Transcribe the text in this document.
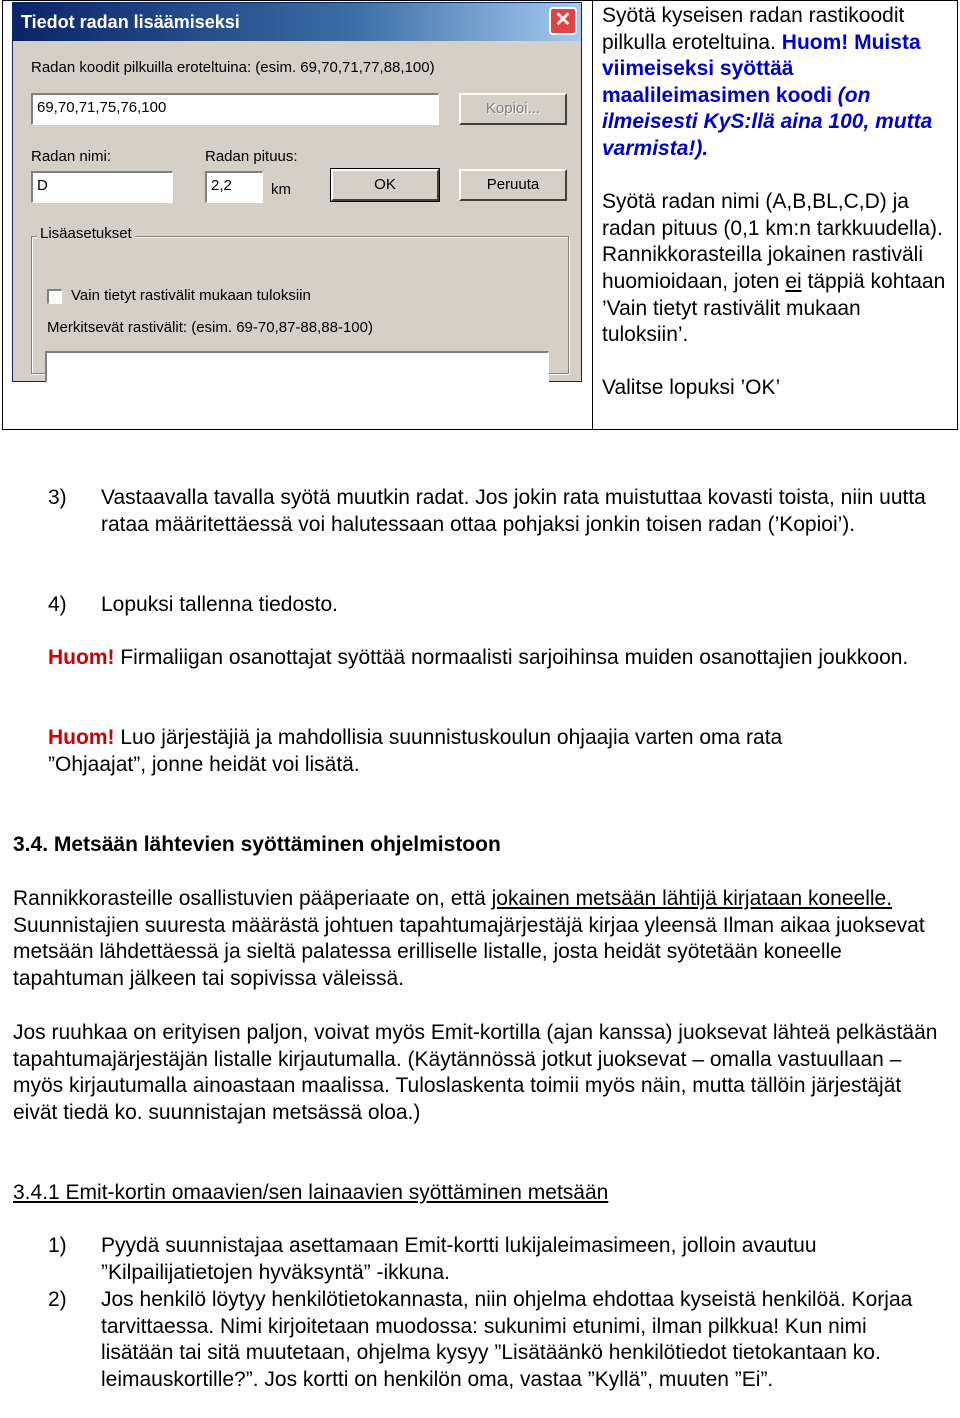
Tiedot radan lisäämiseksi	✕
Radan koodit pilkuilla eroteltuina: (esim. 69,70,71,77,88,100)
69,70,71,75,76,100	Kopioi...
Radan nimi:
D
Radan pituus:
2,2	km	OK	Peruuta
Lisäasetukset
Vain tietyt rastivälit mukaan tuloksiin
Merkitsevät rastivälit: (esim. 69-70,87-88,88-100)

Syötä kyseisen radan rastikoodit pilkulla eroteltuina. Huom! Muista viimeiseksi syöttää maalileimasimen koodi (on ilmeisesti KyS:llä aina 100, mutta varmista!).

Syötä radan nimi (A,B,BL,C,D) ja radan pituus (0,1 km:n tarkkuudella). Rannikkorasteilla jokainen rastiväli huomioidaan, joten ei täppiä kohtaan ’Vain tietyt rastivälit mukaan tuloksiin’.

Valitse lopuksi ’OK’

3) Vastaavalla tavalla syötä muutkin radat. Jos jokin rata muistuttaa kovasti toista, niin uutta rataa määritettäessä voi halutessaan ottaa pohjaksi jonkin toisen radan (’Kopioi’).
4) Lopuksi tallenna tiedosto.
Huom! Firmaliigan osanottajat syöttää normaalisti sarjoihinsa muiden osanottajien joukkoon.
Huom! Luo järjestäjiä ja mahdollisia suunnistuskoulun ohjaajia varten oma rata ”Ohjaajat”, jonne heidät voi lisätä.
3.4. Metsään lähtevien syöttäminen ohjelmistoon
Rannikkorasteille osallistuvien pääperiaate on, että jokainen metsään lähtijä kirjataan koneelle. Suunnistajien suuresta määrästä johtuen tapahtumajärjestäjä kirjaa yleensä Ilman aikaa juoksevat metsään lähdettäessä ja sieltä palatessa erilliselle listalle, josta heidät syötetään koneelle tapahtuman jälkeen tai sopivissa väleissä.
Jos ruuhkaa on erityisen paljon, voivat myös Emit-kortilla (ajan kanssa) juoksevat lähteä pelkästään tapahtumajärjestäjän listalle kirjautumalla. (Käytännössä jotkut juoksevat – omalla vastuullaan – myös kirjautumalla ainoastaan maalissa. Tuloslaskenta toimii myös näin, mutta tällöin järjestäjät eivät tiedä ko. suunnistajan metsässä oloa.)
3.4.1 Emit-kortin omaavien/sen lainaavien syöttäminen metsään
1) Pyydä suunnistajaa asettamaan Emit-kortti lukijaleimasimeen, jolloin avautuu ”Kilpailijatietojen hyväksyntä” -ikkuna.
2) Jos henkilö löytyy henkilötietokannasta, niin ohjelma ehdottaa kyseistä henkilöä. Korjaa tarvittaessa. Nimi kirjoitetaan muodossa: sukunimi etunimi, ilman pilkkua! Kun nimi lisätään tai sitä muutetaan, ohjelma kysyy ”Lisätäänkö henkilötiedot tietokantaan ko. leimauskortille?”. Jos kortti on henkilön oma, vastaa ”Kyllä”, muuten ”Ei”.
